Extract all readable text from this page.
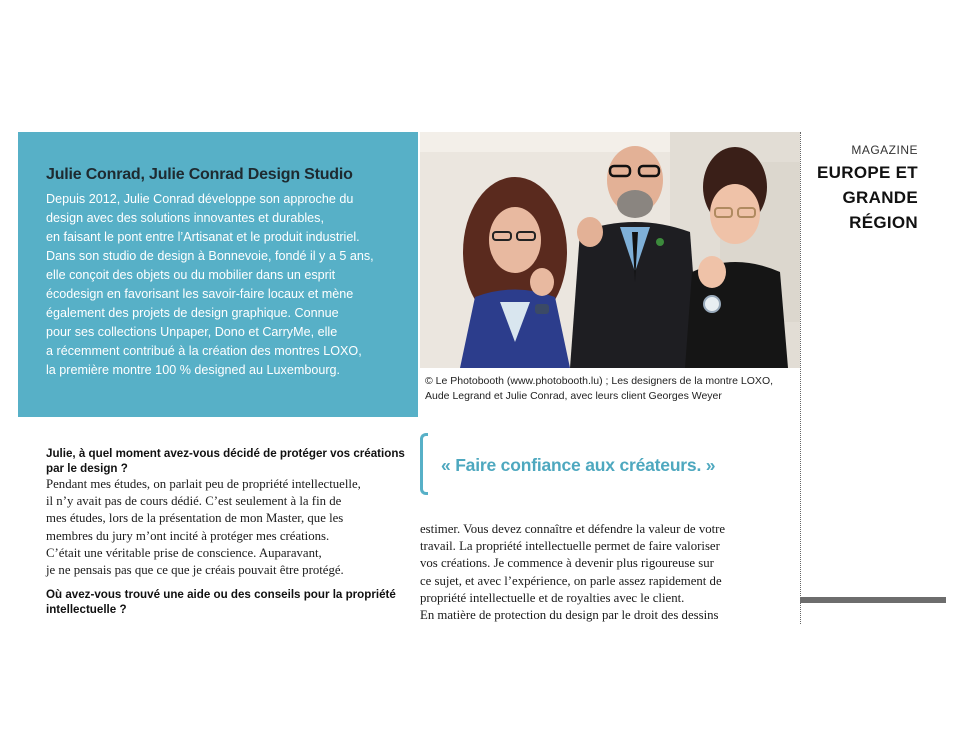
Julie Conrad, Julie Conrad Design Studio
Depuis 2012, Julie Conrad développe son approche du
design avec des solutions innovantes et durables,
en faisant le pont entre l’Artisanat et le produit industriel.
Dans son studio de design à Bonnevoie, fondé il y a 5 ans,
elle conçoit des objets ou du mobilier dans un esprit
écodesign en favorisant les savoir-faire locaux et mène
également des projets de design graphique. Connue
pour ses collections Unpaper, Dono et CarryMe, elle
a récemment contribué à la création des montres LOXO,
la première montre 100 % designed au Luxembourg.
© Le Photobooth (www.photobooth.lu) ; Les designers de la montre LOXO,
Aude Legrand et Julie Conrad, avec leurs client Georges Weyer
MAGAZINE
EUROPE ET
GRANDE
RÉGION
Julie, à quel moment avez-vous décidé de protéger vos créations
par le design ?
Pendant mes études, on parlait peu de propriété intellectuelle,
il n’y avait pas de cours dédié. C’est seulement à la fin de
mes études, lors de la présentation de mon Master, que les
membres du jury m’ont incité à protéger mes créations.
C’était une véritable prise de conscience. Auparavant,
je ne pensais pas que ce que je créais pouvait être protégé.
Où avez-vous trouvé une aide ou des conseils pour la propriété
intellectuelle ?
« Faire confiance aux créateurs. »
estimer. Vous devez connaître et défendre la valeur de votre
travail. La propriété intellectuelle permet de faire valoriser
vos créations. Je commence à devenir plus rigoureuse sur
ce sujet, et avec l’expérience, on parle assez rapidement de
propriété intellectuelle et de royalties avec le client.
En matière de protection du design par le droit des dessins
